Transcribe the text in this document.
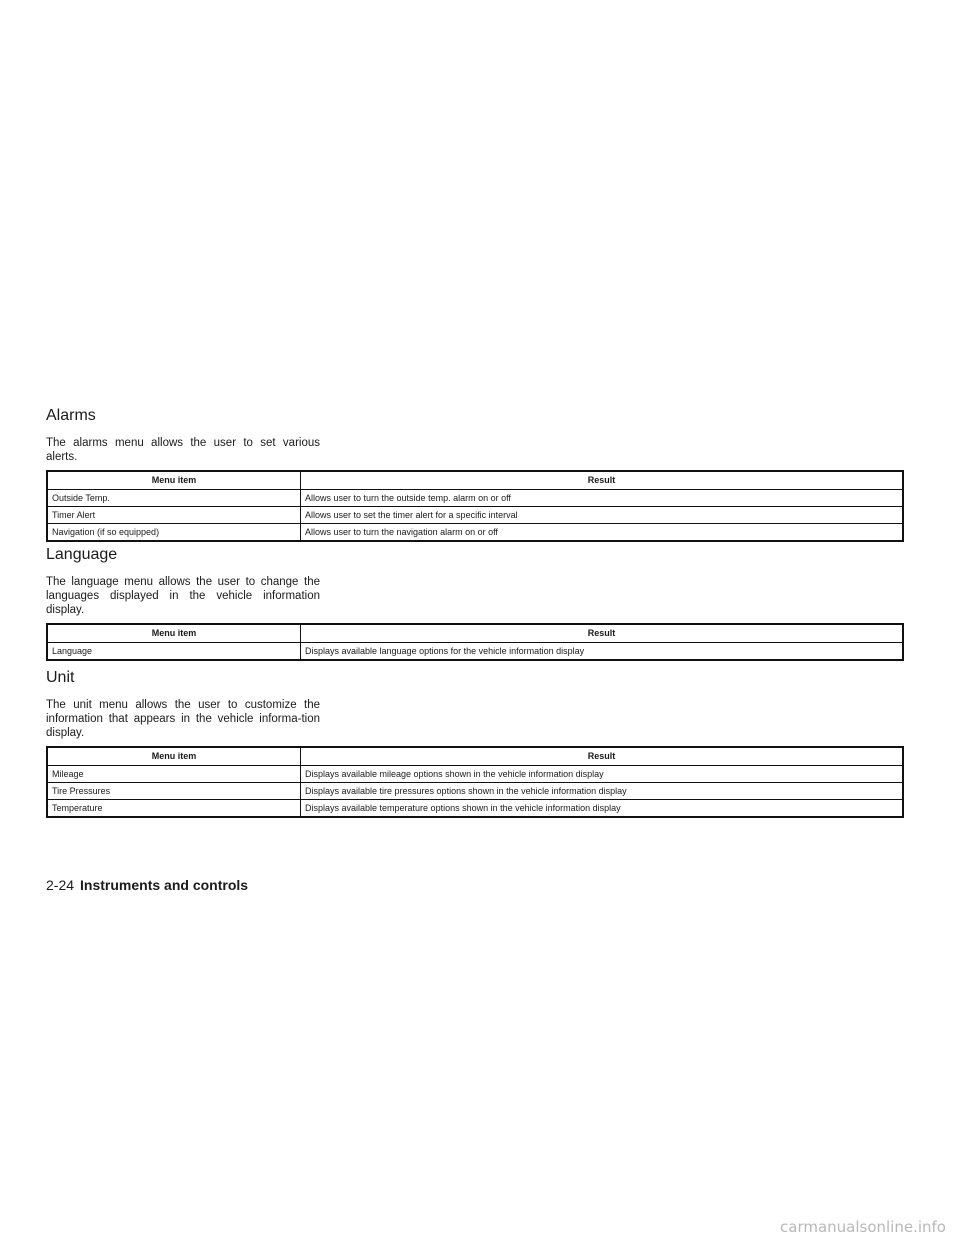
Alarms

The alarms menu allows the user to set various alerts.

Menu item	Result
Outside Temp.	Allows user to turn the outside temp. alarm on or off
Timer Alert	Allows user to set the timer alert for a specific interval
Navigation (if so equipped)	Allows user to turn the navigation alarm on or off
Language

The language menu allows the user to change the languages displayed in the vehicle information display.

Menu item	Result
Language	Displays available language options for the vehicle information display
Unit

The unit menu allows the user to customize the information that appears in the vehicle informa-tion display.

Menu item	Result
Mileage	Displays available mileage options shown in the vehicle information display
Tire Pressures	Displays available tire pressures options shown in the vehicle information display
Temperature	Displays available temperature options shown in the vehicle information display
2-24 Instruments and controls
carmanualsonline.info
